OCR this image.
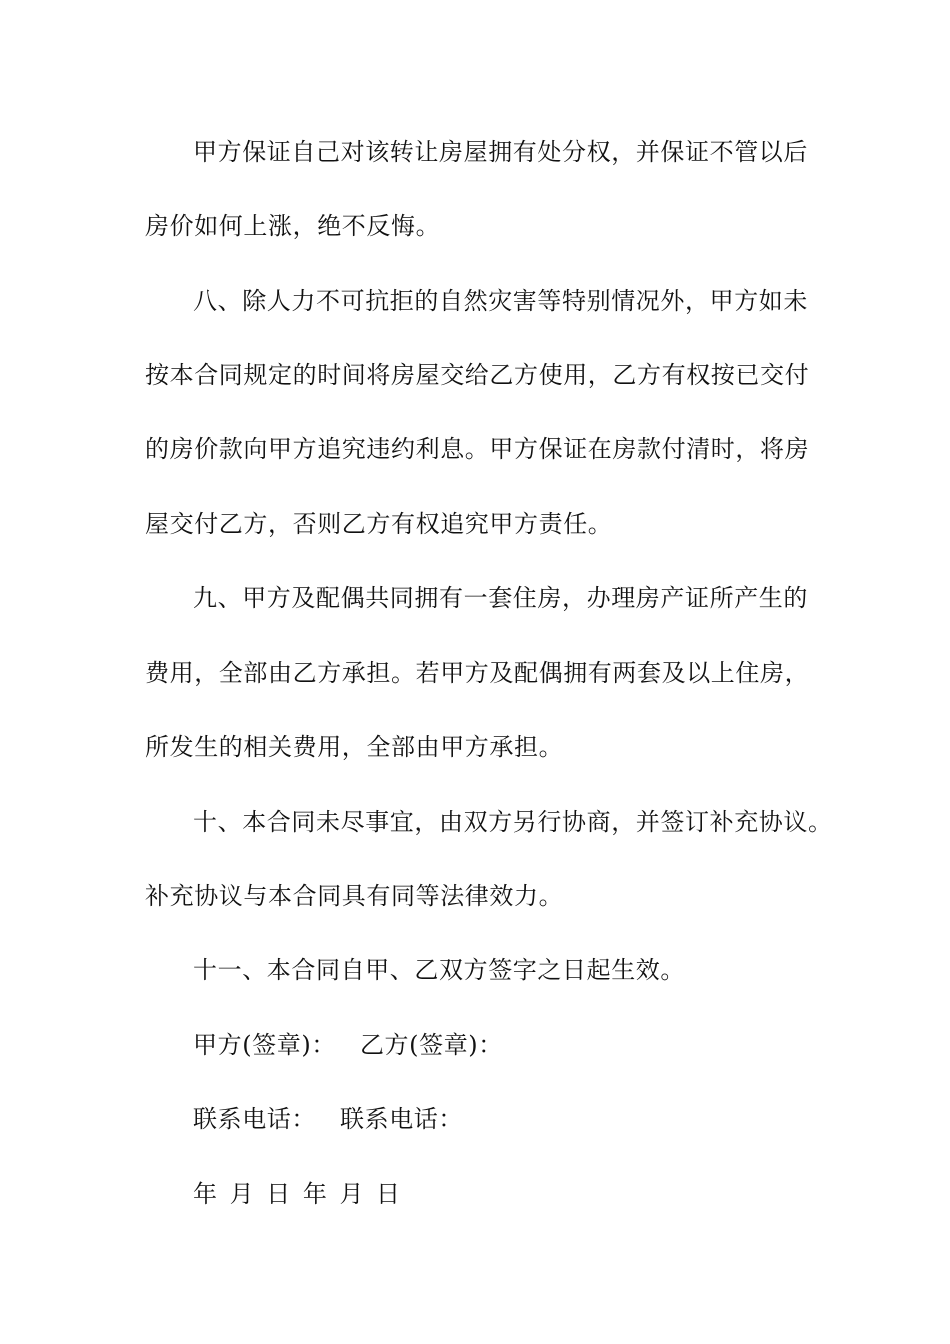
甲方保证自己对该转让房屋拥有处分权，并保证不管以后
房价如何上涨，绝不反悔。
八、除人力不可抗拒的自然灾害等特别情况外，甲方如未
按本合同规定的时间将房屋交给乙方使用，乙方有权按已交付
的房价款向甲方追究违约利息。甲方保证在房款付清时，将房
屋交付乙方，否则乙方有权追究甲方责任。
九、甲方及配偶共同拥有一套住房，办理房产证所产生的
费用，全部由乙方承担。若甲方及配偶拥有两套及以上住房，
所发生的相关费用，全部由甲方承担。
十、本合同未尽事宜，由双方另行协商，并签订补充协议。
补充协议与本合同具有同等法律效力。
十一、本合同自甲、乙双方签字之日起生效。
甲方(签章)： 乙方(签章)：
联系电话： 联系电话：
年 月 日 年 月 日
